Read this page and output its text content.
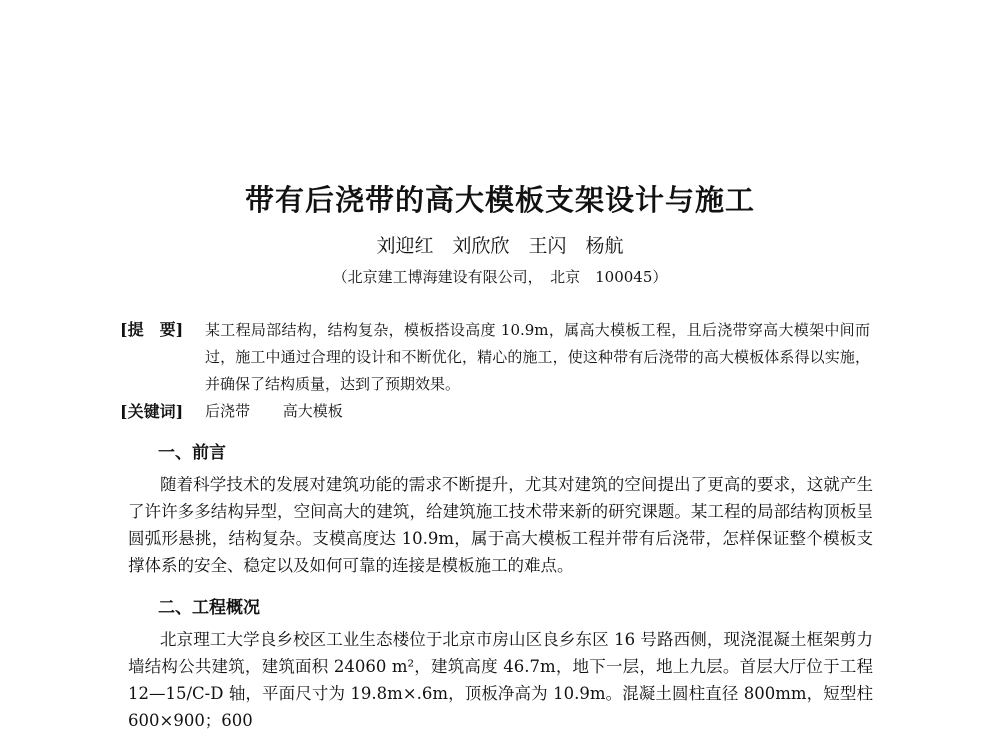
带有后浇带的高大模板支架设计与施工
刘迎红　刘欣欣　王闪　杨航
（北京建工博海建设有限公司，　北京　100045）
[提　要] 某工程局部结构，结构复杂，模板搭设高度 10.9m，属高大模板工程，且后浇带穿高大模架中间而过，施工中通过合理的设计和不断优化，精心的施工，使这种带有后浇带的高大模板体系得以实施，并确保了结构质量，达到了预期效果。
[关键词] 后浇带 高大模板
一、前言
随着科学技术的发展对建筑功能的需求不断提升，尤其对建筑的空间提出了更高的要求，这就产生了许许多多结构异型，空间高大的建筑，给建筑施工技术带来新的研究课题。某工程的局部结构顶板呈圆弧形悬挑，结构复杂。支模高度达 10.9m，属于高大模板工程并带有后浇带，怎样保证整个模板支撑体系的安全、稳定以及如何可靠的连接是模板施工的难点。
二、工程概况
北京理工大学良乡校区工业生态楼位于北京市房山区良乡东区 16 号路西侧，现浇混凝土框架剪力墙结构公共建筑，建筑面积 24060 m²，建筑高度 46.7m，地下一层，地上九层。首层大厅位于工程 12—15/C-D 轴，平面尺寸为 19.8m×.6m，顶板净高为 10.9m。混凝土圆柱直径 800mm，短型柱 600×900；600
